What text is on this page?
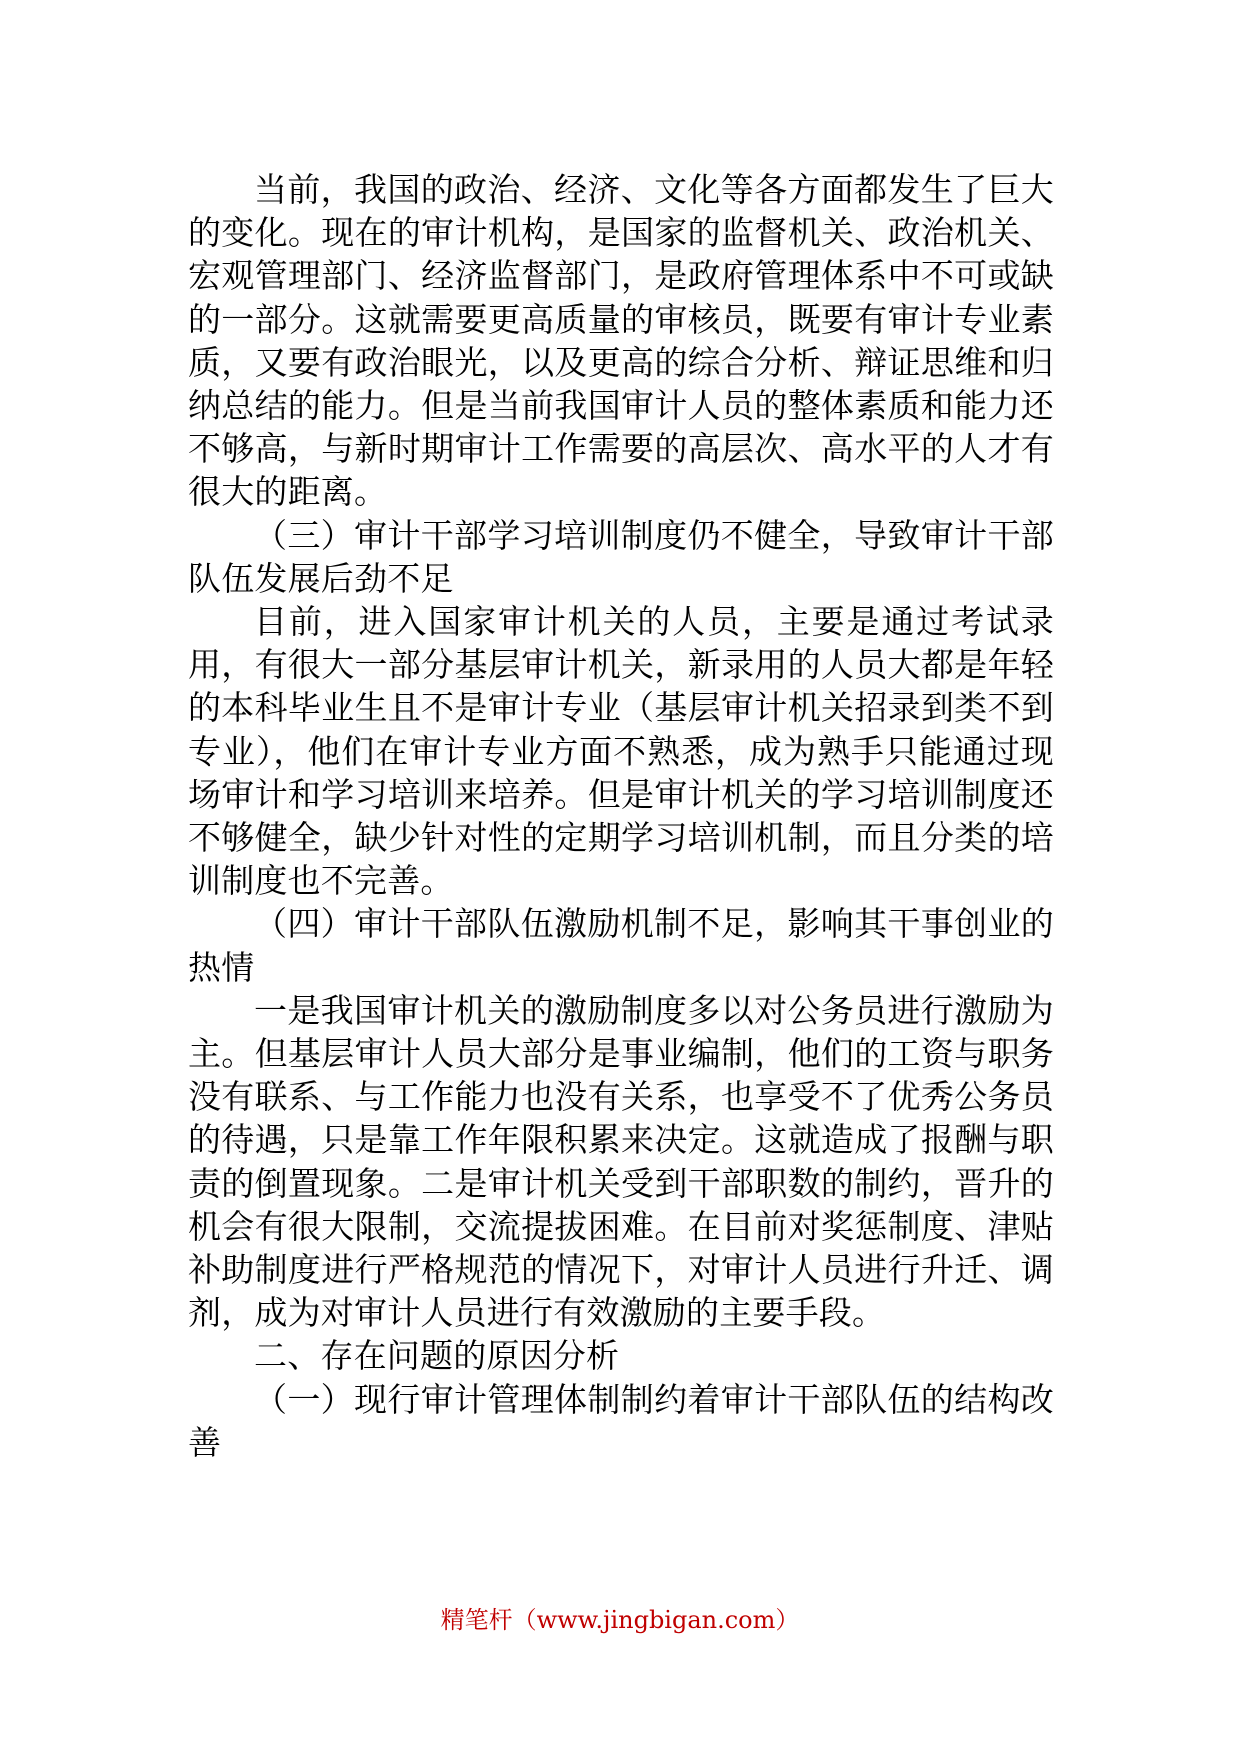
当前，我国的政治、经济、文化等各方面都发生了巨大的变化。现在的审计机构，是国家的监督机关、政治机关、宏观管理部门、经济监督部门，是政府管理体系中不可或缺的一部分。这就需要更高质量的审核员，既要有审计专业素质，又要有政治眼光，以及更高的综合分析、辩证思维和归纳总结的能力。但是当前我国审计人员的整体素质和能力还不够高，与新时期审计工作需要的高层次、高水平的人才有很大的距离。

（三）审计干部学习培训制度仍不健全，导致审计干部队伍发展后劲不足

目前，进入国家审计机关的人员，主要是通过考试录用，有很大一部分基层审计机关，新录用的人员大都是年轻的本科毕业生且不是审计专业（基层审计机关招录到类不到专业），他们在审计专业方面不熟悉，成为熟手只能通过现场审计和学习培训来培养。但是审计机关的学习培训制度还不够健全，缺少针对性的定期学习培训机制，而且分类的培训制度也不完善。

（四）审计干部队伍激励机制不足，影响其干事创业的热情

一是我国审计机关的激励制度多以对公务员进行激励为主。但基层审计人员大部分是事业编制，他们的工资与职务没有联系、与工作能力也没有关系，也享受不了优秀公务员的待遇，只是靠工作年限积累来决定。这就造成了报酬与职责的倒置现象。二是审计机关受到干部职数的制约，晋升的机会有很大限制，交流提拔困难。在目前对奖惩制度、津贴补助制度进行严格规范的情况下，对审计人员进行升迁、调剂，成为对审计人员进行有效激励的主要手段。

二、存在问题的原因分析

（一）现行审计管理体制制约着审计干部队伍的结构改善

精笔杆（www.jingbigan.com）
